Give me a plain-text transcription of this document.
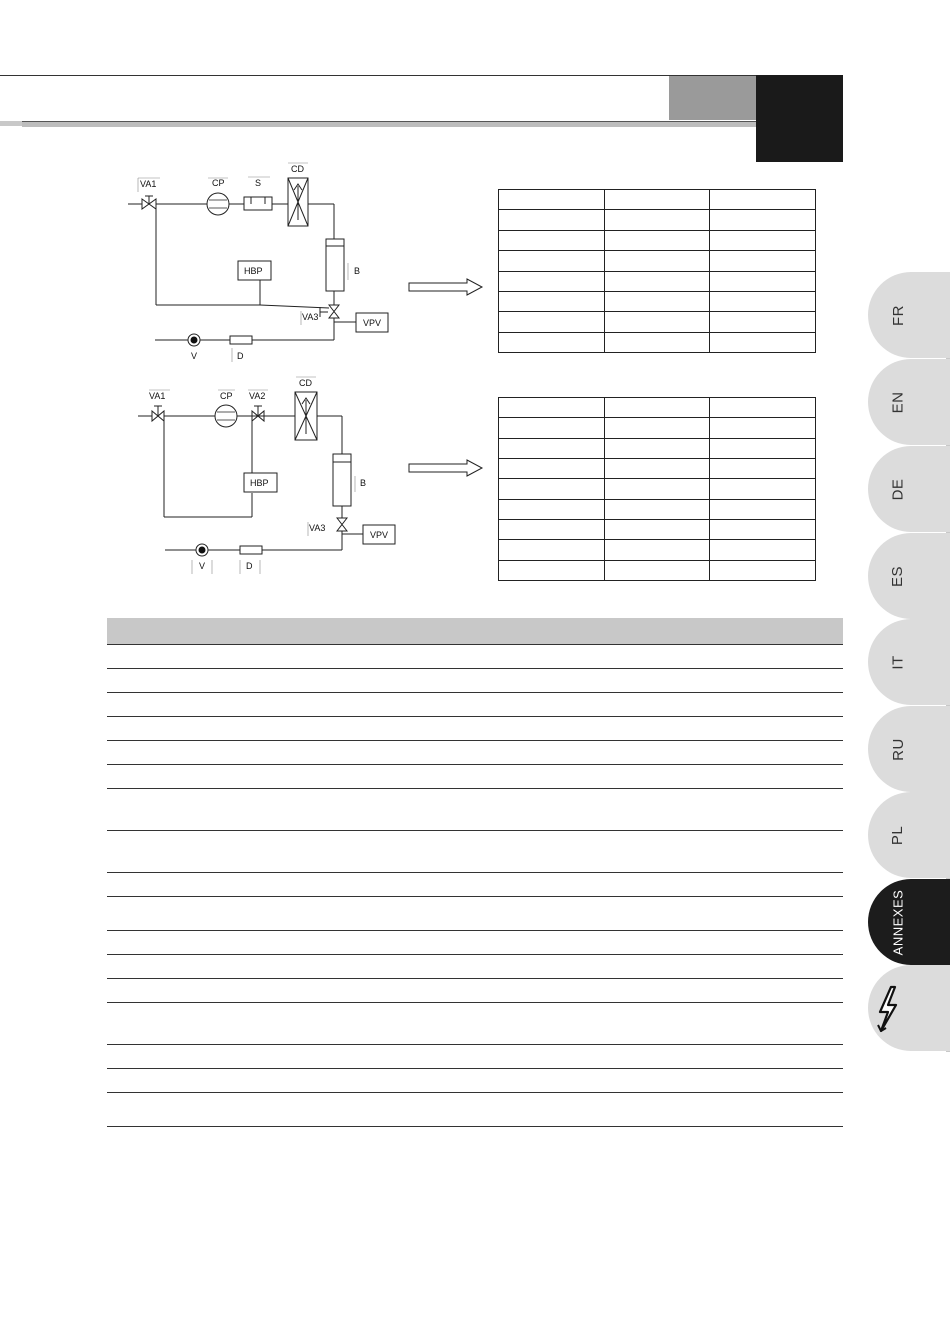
VA1	CP	S
CD
B
HBP
VA3
VPV
V	D

VA1	CP VA2
CD
B
HBP
VA3
VPV
V	D

FR
EN
DE
ES
IT
RU
PL
ANNEXES
